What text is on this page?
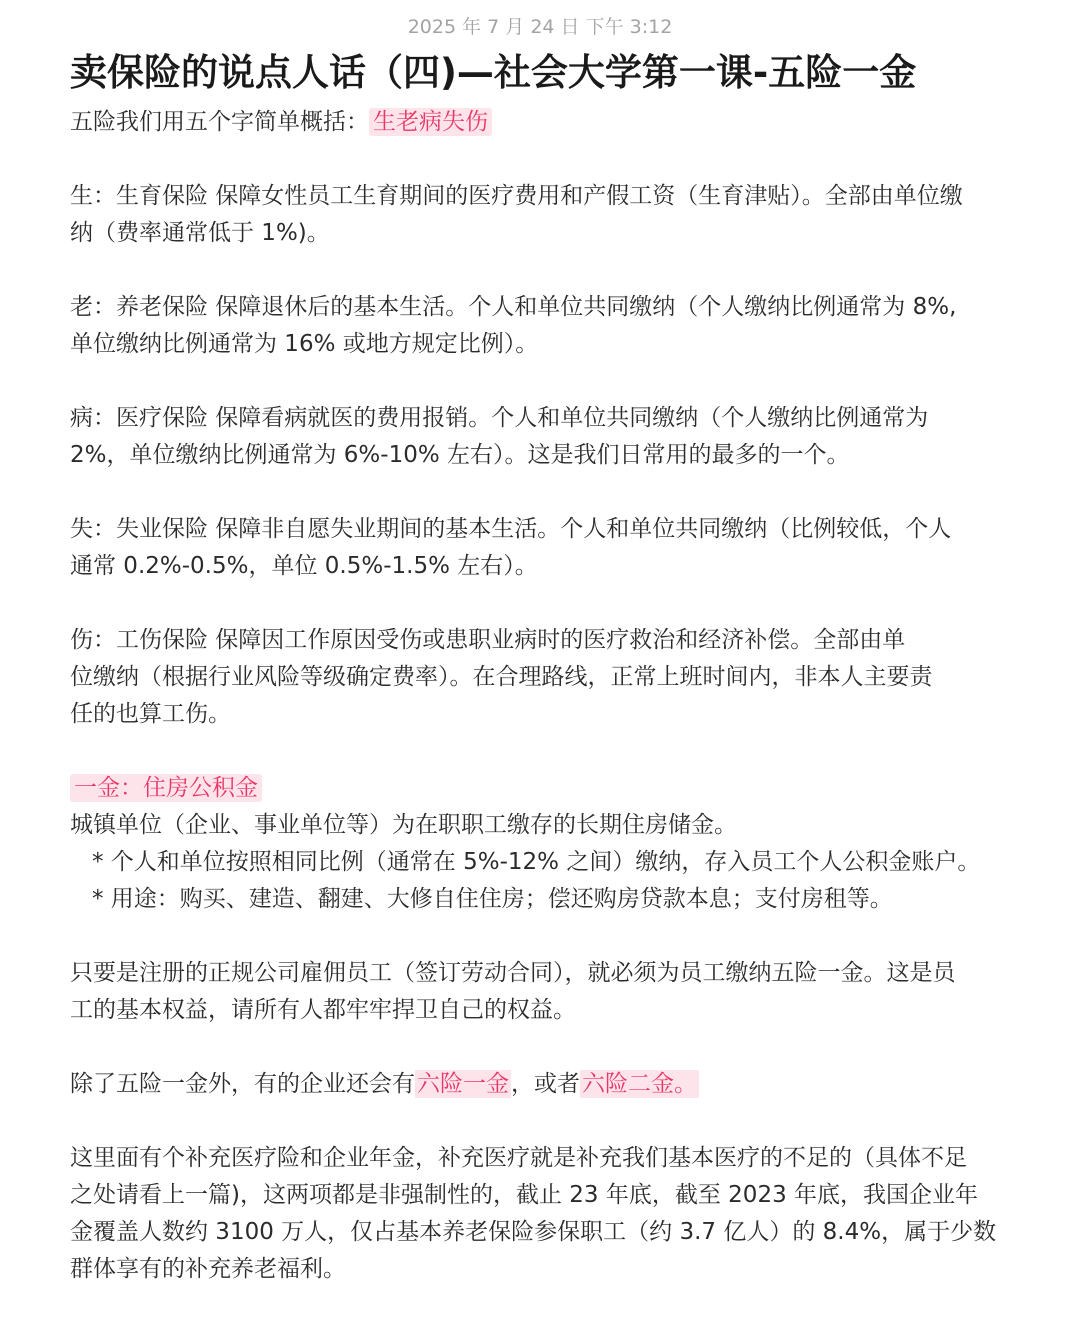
2025 年 7 月 24 日 下午 3:12
卖保险的说点人话（四)—社会大学第一课-五险一金
五险我们用五个字简单概括： 生老病失伤
生：生育保险 保障女性员工生育期间的医疗费用和产假工资（生育津贴）。全部由单位缴
纳（费率通常低于 1%)。
老：养老保险 保障退休后的基本生活。个人和单位共同缴纳（个人缴纳比例通常为 8%,
单位缴纳比例通常为 16% 或地方规定比例）。
病：医疗保险 保障看病就医的费用报销。个人和单位共同缴纳（个人缴纳比例通常为
2%，单位缴纳比例通常为 6%-10% 左右）。这是我们日常用的最多的一个。
失：失业保险 保障非自愿失业期间的基本生活。个人和单位共同缴纳（比例较低，个人
通常 0.2%-0.5%，单位 0.5%-1.5% 左右）。
伤：工伤保险 保障因工作原因受伤或患职业病时的医疗救治和经济补偿。全部由单
位缴纳（根据行业风险等级确定费率）。在合理路线，正常上班时间内，非本人主要责
任的也算工伤。
一金：住房公积金
城镇单位（企业、事业单位等）为在职职工缴存的长期住房储金。
* 个人和单位按照相同比例（通常在 5%-12% 之间）缴纳，存入员工个人公积金账户。
* 用途：购买、建造、翻建、大修自住住房；偿还购房贷款本息；支付房租等。
只要是注册的正规公司雇佣员工（签订劳动合同），就必须为员工缴纳五险一金。这是员
工的基本权益，请所有人都牢牢捍卫自己的权益。
除了五险一金外，有的企业还会有六险一金，或者六险二金。
这里面有个补充医疗险和企业年金，补充医疗就是补充我们基本医疗的不足的（具体不足
之处请看上一篇)，这两项都是非强制性的，截止 23 年底，截至 2023 年底，我国企业年
金覆盖人数约 3100 万人，仅占基本养老保险参保职工（约 3.7 亿人）的 8.4%，属于少数
群体享有的补充养老福利。
